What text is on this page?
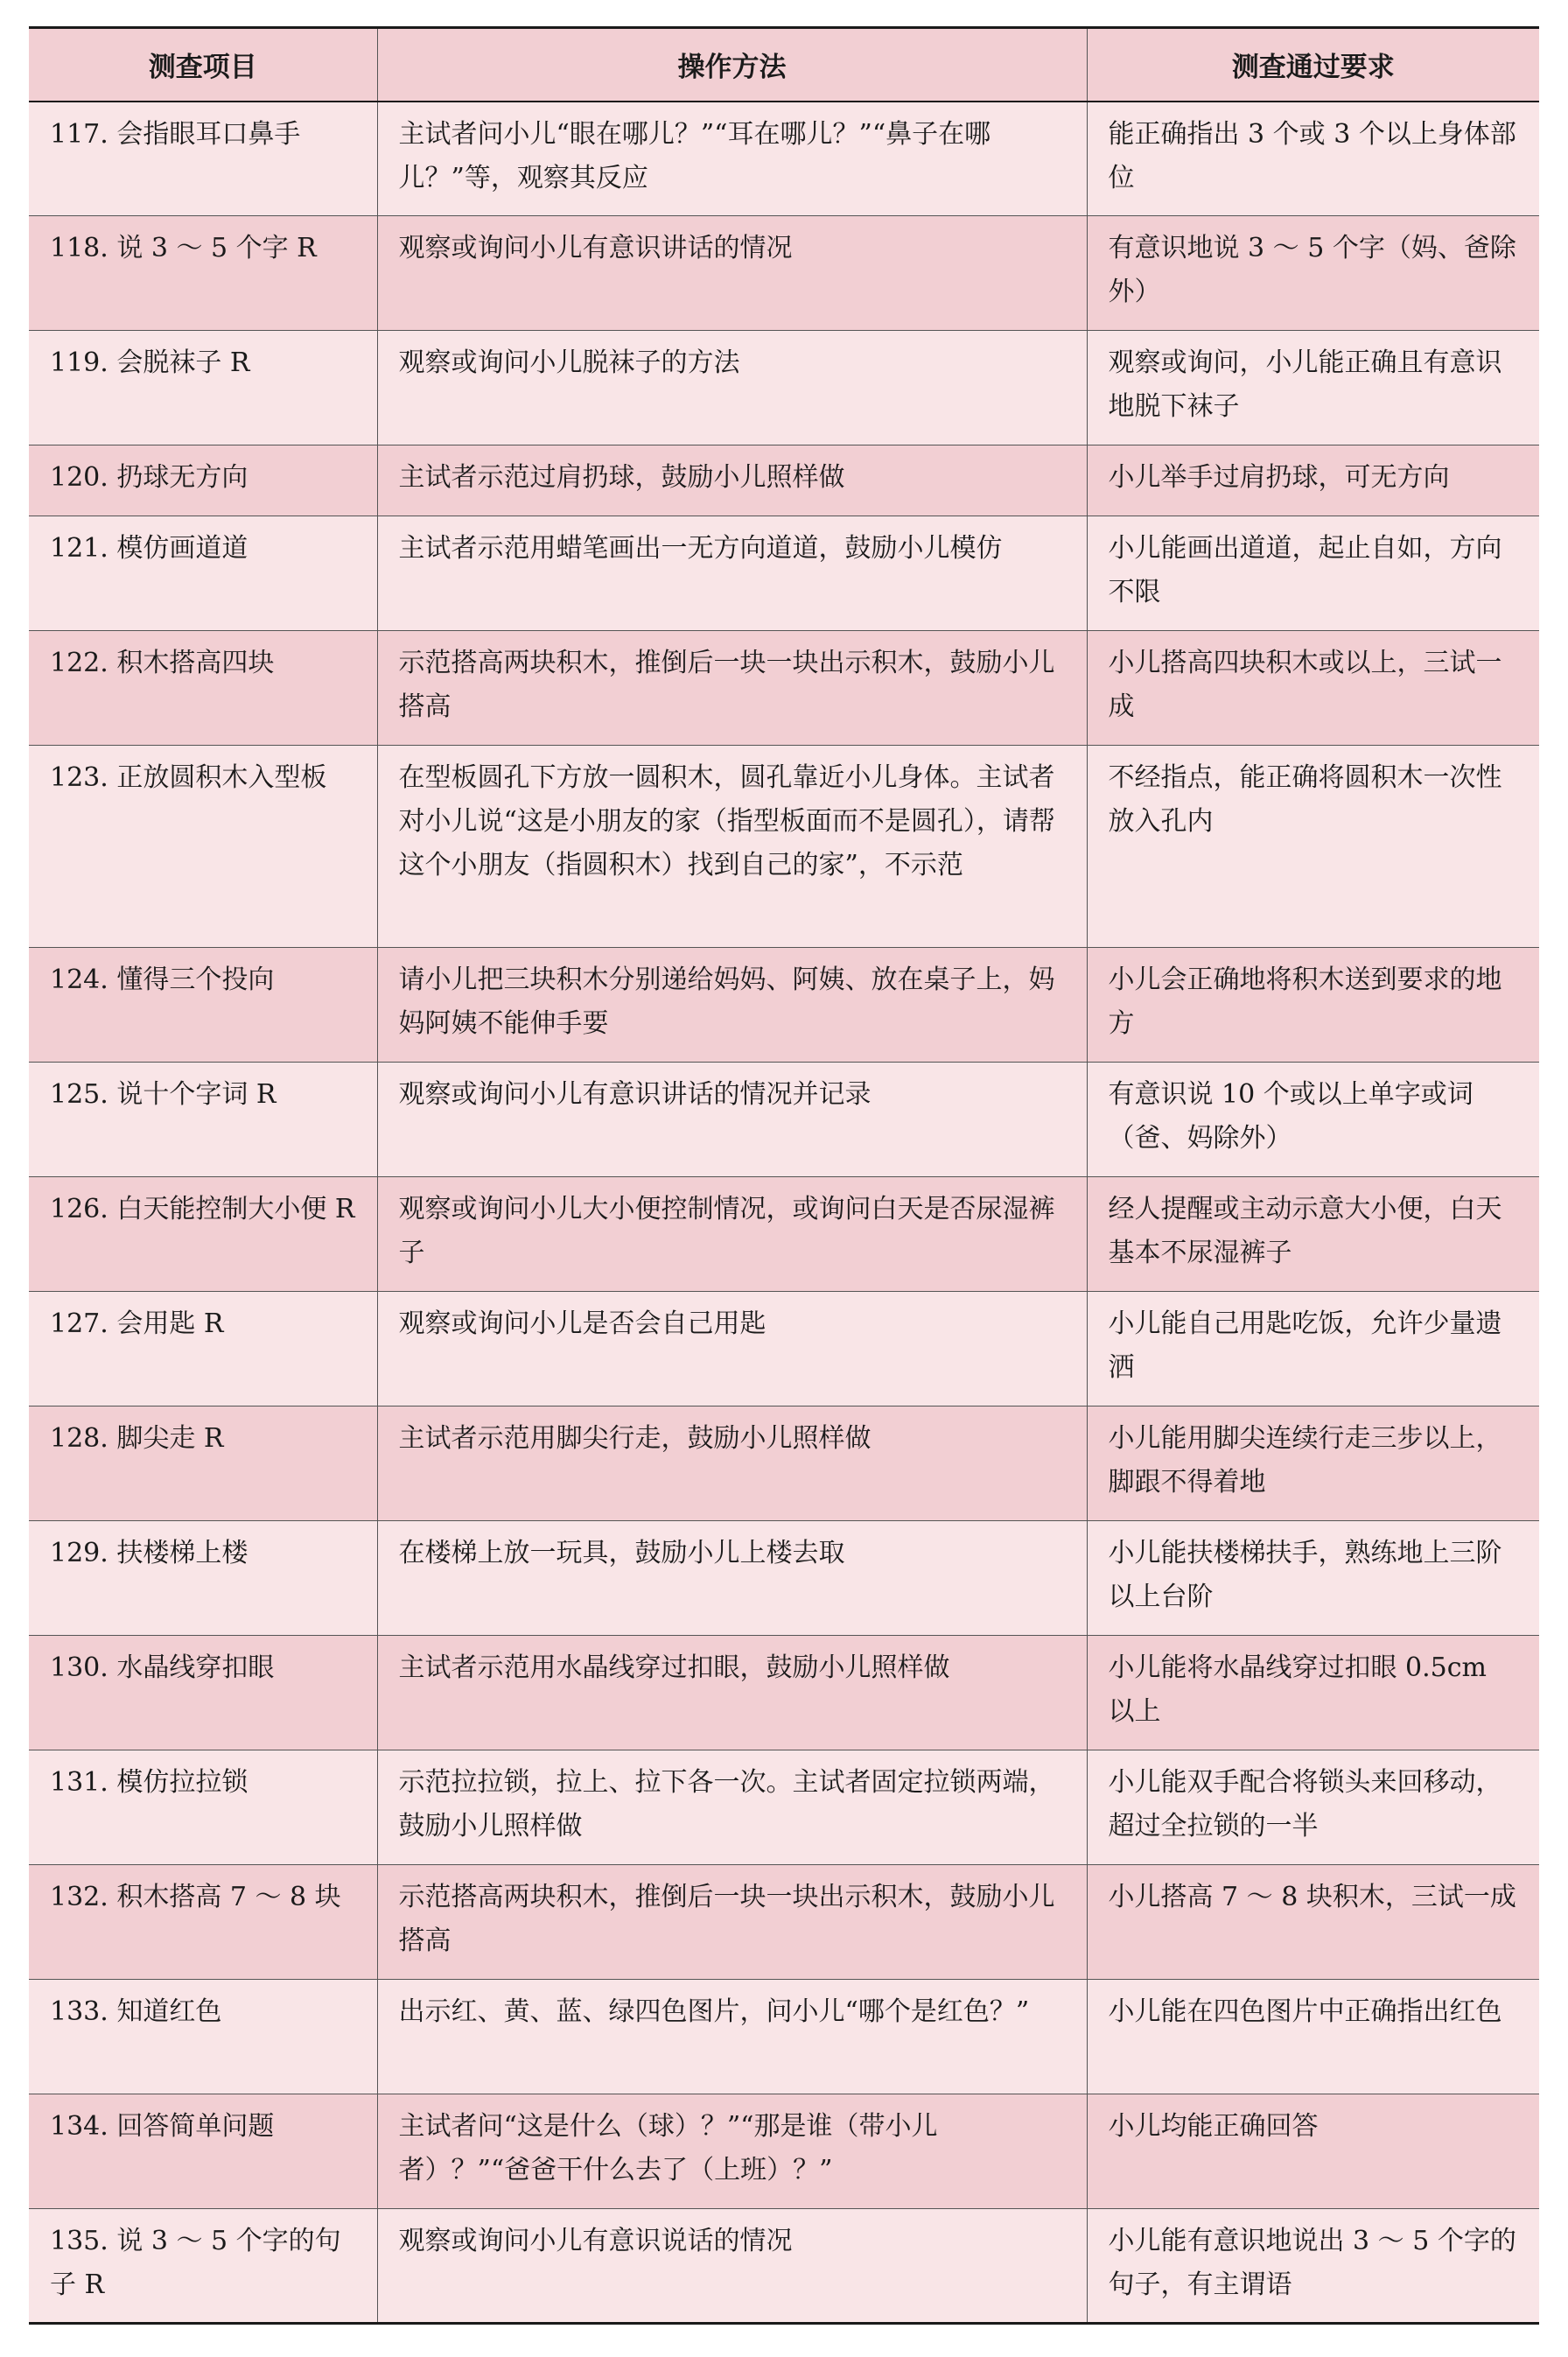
测查项目	操作方法	测查通过要求
117. 会指眼耳口鼻手	主试者问小儿“眼在哪儿？”“耳在哪儿？”“鼻子在哪儿？”等，观察其反应	能正确指出 3 个或 3 个以上身体部位
118. 说 3 ～ 5 个字 R	观察或询问小儿有意识讲话的情况	有意识地说 3 ～ 5 个字（妈、爸除外）
119. 会脱袜子 R	观察或询问小儿脱袜子的方法	观察或询问，小儿能正确且有意识地脱下袜子
120. 扔球无方向	主试者示范过肩扔球，鼓励小儿照样做	小儿举手过肩扔球，可无方向
121. 模仿画道道	主试者示范用蜡笔画出一无方向道道，鼓励小儿模仿	小儿能画出道道，起止自如，方向不限
122. 积木搭高四块	示范搭高两块积木，推倒后一块一块出示积木，鼓励小儿搭高	小儿搭高四块积木或以上，三试一成
123. 正放圆积木入型板	在型板圆孔下方放一圆积木，圆孔靠近小儿身体。主试者对小儿说“这是小朋友的家（指型板面而不是圆孔），请帮这个小朋友（指圆积木）找到自己的家”，不示范	不经指点，能正确将圆积木一次性放入孔内
124. 懂得三个投向	请小儿把三块积木分别递给妈妈、阿姨、放在桌子上，妈妈阿姨不能伸手要	小儿会正确地将积木送到要求的地方
125. 说十个字词 R	观察或询问小儿有意识讲话的情况并记录	有意识说 10 个或以上单字或词（爸、妈除外）
126. 白天能控制大小便 R	观察或询问小儿大小便控制情况，或询问白天是否尿湿裤子	经人提醒或主动示意大小便，白天基本不尿湿裤子
127. 会用匙 R	观察或询问小儿是否会自己用匙	小儿能自己用匙吃饭，允许少量遗洒
128. 脚尖走 R	主试者示范用脚尖行走，鼓励小儿照样做	小儿能用脚尖连续行走三步以上，脚跟不得着地
129. 扶楼梯上楼	在楼梯上放一玩具，鼓励小儿上楼去取	小儿能扶楼梯扶手，熟练地上三阶以上台阶
130. 水晶线穿扣眼	主试者示范用水晶线穿过扣眼，鼓励小儿照样做	小儿能将水晶线穿过扣眼 0.5cm 以上
131. 模仿拉拉锁	示范拉拉锁，拉上、拉下各一次。主试者固定拉锁两端，鼓励小儿照样做	小儿能双手配合将锁头来回移动，超过全拉锁的一半
132. 积木搭高 7 ～ 8 块	示范搭高两块积木，推倒后一块一块出示积木，鼓励小儿搭高	小儿搭高 7 ～ 8 块积木，三试一成
133. 知道红色	出示红、黄、蓝、绿四色图片，问小儿“哪个是红色？”	小儿能在四色图片中正确指出红色
134. 回答简单问题	主试者问“这是什么（球）？”“那是谁（带小儿者）？”“爸爸干什么去了（上班）？”	小儿均能正确回答
135. 说 3 ～ 5 个字的句子 R	观察或询问小儿有意识说话的情况	小儿能有意识地说出 3 ～ 5 个字的句子，有主谓语
